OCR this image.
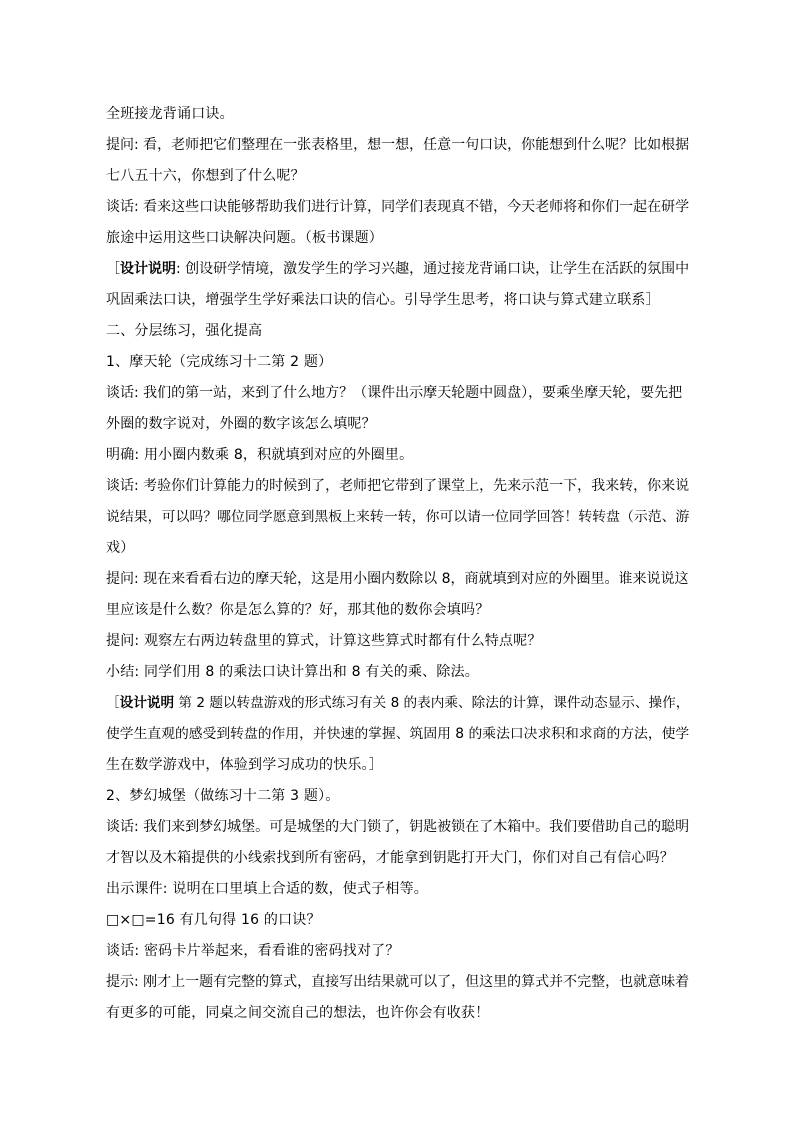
全班接龙背诵口诀。
提问: 看，老师把它们整理在一张表格里，想一想，任意一句口诀，你能想到什么呢？比如根据
七八五十六，你想到了什么呢？
谈话: 看来这些口诀能够帮助我们进行计算，同学们表现真不错，今天老师将和你们一起在研学
旅途中运用这些口诀解决问题。（板书课题）
［设计说明: 创设研学情境，激发学生的学习兴趣，通过接龙背诵口诀，让学生在活跃的氛围中
巩固乘法口诀，增强学生学好乘法口诀的信心。引导学生思考，将口诀与算式建立联系］
二、分层练习，强化提高
1、摩天轮（完成练习十二第 2 题）
谈话: 我们的第一站，来到了什么地方？（课件出示摩天轮题中圆盘），要乘坐摩天轮，要先把
外圈的数字说对，外圈的数字该怎么填呢？
明确: 用小圈内数乘 8，积就填到对应的外圈里。
谈话: 考验你们计算能力的时候到了，老师把它带到了课堂上，先来示范一下，我来转，你来说
说结果，可以吗？哪位同学愿意到黑板上来转一转，你可以请一位同学回答！转转盘（示范、游
戏）
提问: 现在来看看右边的摩天轮，这是用小圈内数除以 8，商就填到对应的外圈里。谁来说说这
里应该是什么数？你是怎么算的？好，那其他的数你会填吗？
提问: 观察左右两边转盘里的算式，计算这些算式时都有什么特点呢？
小结: 同学们用 8 的乘法口诀计算出和 8 有关的乘、除法。
［设计说明 第 2 题以转盘游戏的形式练习有关 8 的表内乘、除法的计算，课件动态显示、操作，
使学生直观的感受到转盘的作用，并快速的掌握、筑固用 8 的乘法口决求积和求商的方法，使学
生在数学游戏中，体验到学习成功的快乐。］
2、梦幻城堡（做练习十二第 3 题）。
谈话: 我们来到梦幻城堡。可是城堡的大门锁了，钥匙被锁在了木箱中。我们要借助自己的聪明
才智以及木箱提供的小线索找到所有密码，才能拿到钥匙打开大门，你们对自己有信心吗？
出示课件: 说明在口里填上合适的数，使式子相等。
□×□=16 有几句得 16 的口诀？
谈话: 密码卡片举起来，看看谁的密码找对了？
提示: 刚才上一题有完整的算式，直接写出结果就可以了，但这里的算式并不完整，也就意味着
有更多的可能，同桌之间交流自己的想法，也许你会有收获！
